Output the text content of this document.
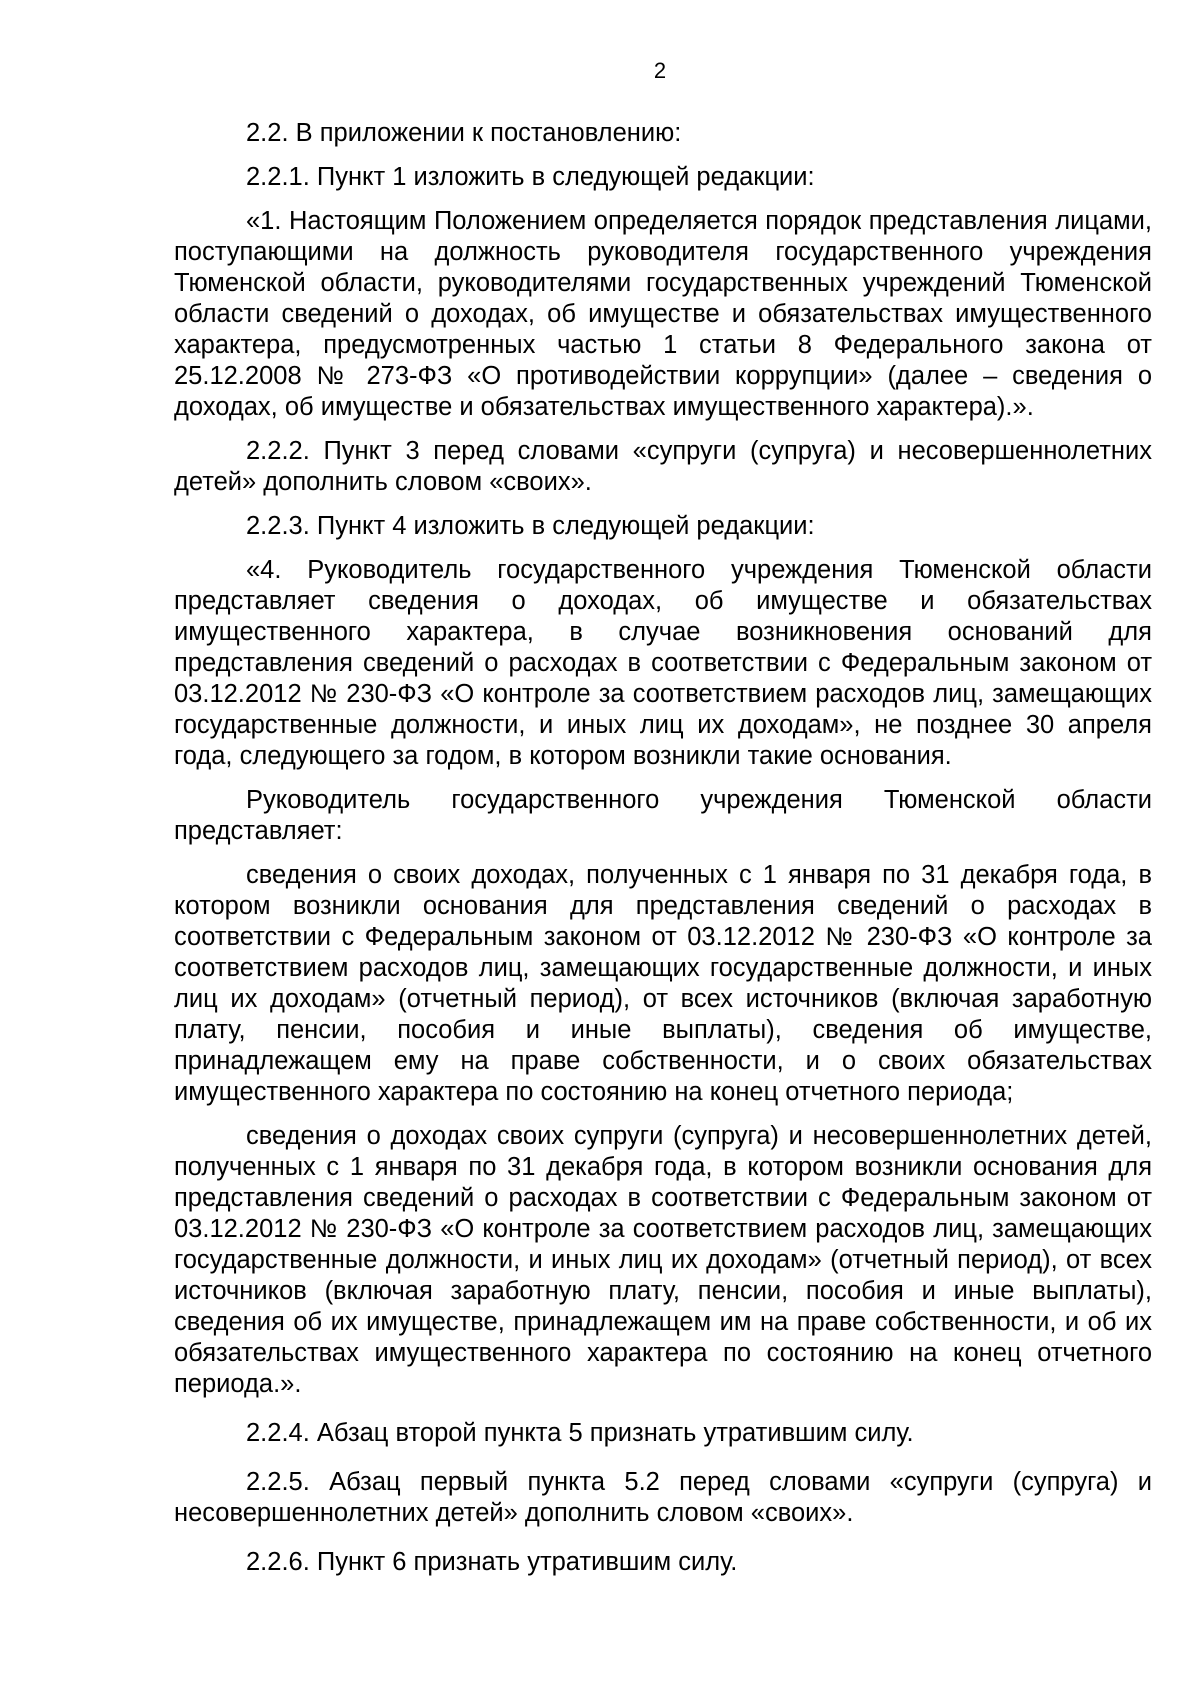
2

2.2. В приложении к постановлению:

2.2.1. Пункт 1 изложить в следующей редакции:

«1. Настоящим Положением определяется порядок представления лицами, поступающими на должность руководителя государственного учреждения Тюменской области, руководителями государственных учреждений Тюменской области сведений о доходах, об имуществе и обязательствах имущественного характера, предусмотренных частью 1 статьи 8 Федерального закона от 25.12.2008 № 273-ФЗ «О противодействии коррупции» (далее – сведения о доходах, об имуществе и обязательствах имущественного характера).».

2.2.2. Пункт 3 перед словами «супруги (супруга) и несовершеннолетних детей» дополнить словом «своих».

2.2.3. Пункт 4 изложить в следующей редакции:

«4. Руководитель государственного учреждения Тюменской области представляет сведения о доходах, об имуществе и обязательствах имущественного характера, в случае возникновения оснований для представления сведений о расходах в соответствии с Федеральным законом от 03.12.2012 № 230-ФЗ «О контроле за соответствием расходов лиц, замещающих государственные должности, и иных лиц их доходам», не позднее 30 апреля года, следующего за годом, в котором возникли такие основания.

Руководитель государственного учреждения Тюменской области представляет:

сведения о своих доходах, полученных с 1 января по 31 декабря года, в котором возникли основания для представления сведений о расходах в соответствии с Федеральным законом от 03.12.2012 № 230-ФЗ «О контроле за соответствием расходов лиц, замещающих государственные должности, и иных лиц их доходам» (отчетный период), от всех источников (включая заработную плату, пенсии, пособия и иные выплаты), сведения об имуществе, принадлежащем ему на праве собственности, и о своих обязательствах имущественного характера по состоянию на конец отчетного периода;

сведения о доходах своих супруги (супруга) и несовершеннолетних детей, полученных с 1 января по 31 декабря года, в котором возникли основания для представления сведений о расходах в соответствии с Федеральным законом от 03.12.2012 № 230-ФЗ «О контроле за соответствием расходов лиц, замещающих государственные должности, и иных лиц их доходам» (отчетный период), от всех источников (включая заработную плату, пенсии, пособия и иные выплаты), сведения об их имуществе, принадлежащем им на праве собственности, и об их обязательствах имущественного характера по состоянию на конец отчетного периода.».

2.2.4. Абзац второй пункта 5 признать утратившим силу.

2.2.5. Абзац первый пункта 5.2 перед словами «супруги (супруга) и несовершеннолетних детей» дополнить словом «своих».

2.2.6. Пункт 6 признать утратившим силу.
